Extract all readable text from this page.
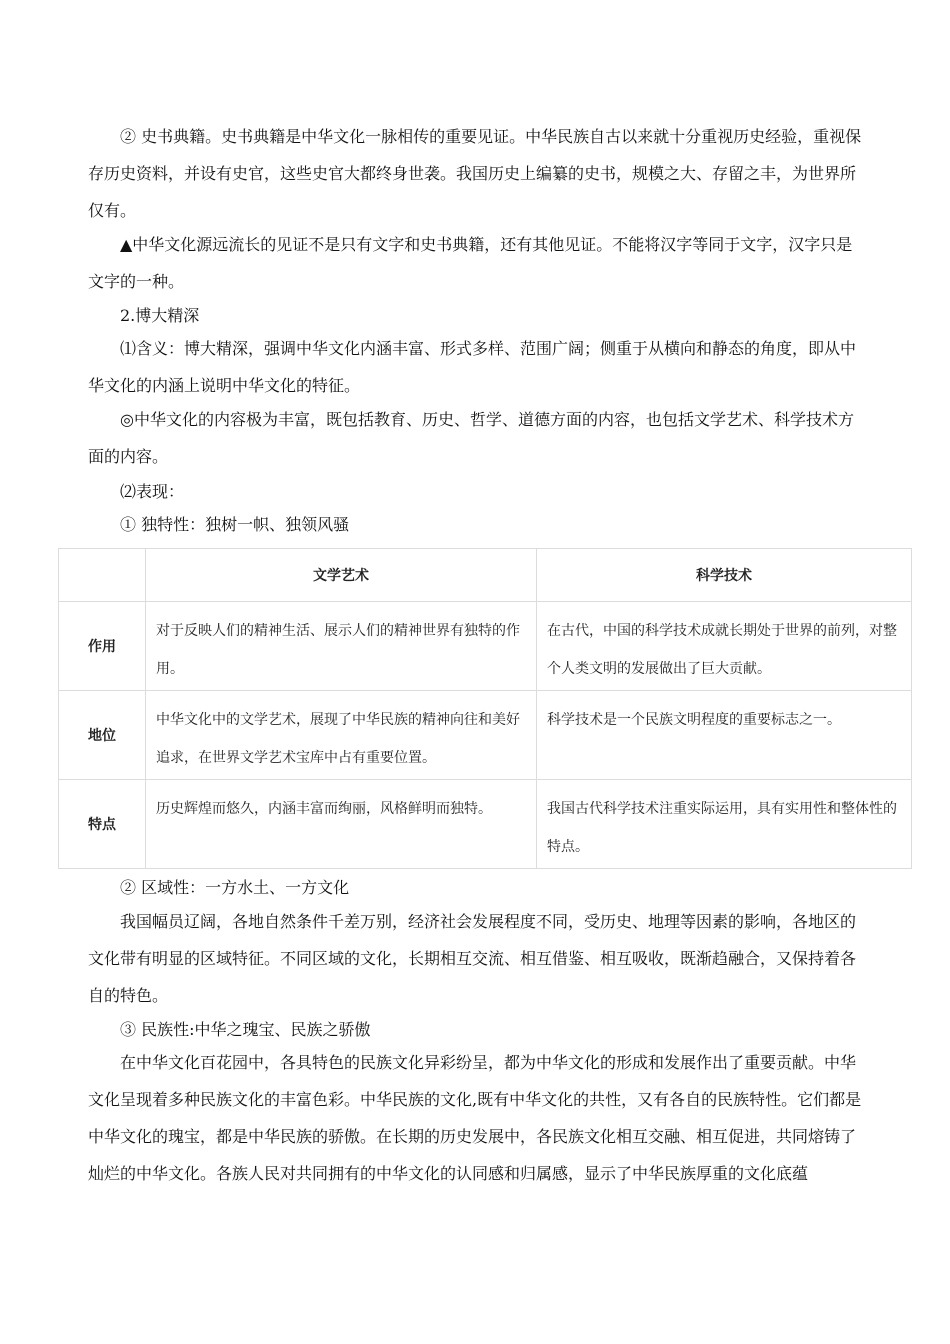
② 史书典籍。史书典籍是中华文化一脉相传的重要见证。中华民族自古以来就十分重视历史经验，重视保存历史资料，并设有史官，这些史官大都终身世袭。我国历史上编纂的史书，规模之大、存留之丰，为世界所仅有。

▲中华文化源远流长的见证不是只有文字和史书典籍，还有其他见证。不能将汉字等同于文字，汉字只是文字的一种。

2.博大精深

⑴含义：博大精深，强调中华文化内涵丰富、形式多样、范围广阔；侧重于从横向和静态的角度，即从中华文化的内涵上说明中华文化的特征。

◎中华文化的内容极为丰富，既包括教育、历史、哲学、道德方面的内容，也包括文学艺术、科学技术方面的内容。

⑵表现：

① 独特性：独树一帜、独领风骚

	文学艺术	科学技术
作用	对于反映人们的精神生活、展示人们的精神世界有独特的作用。	在古代，中国的科学技术成就长期处于世界的前列，对整个人类文明的发展做出了巨大贡献。
地位	中华文化中的文学艺术，展现了中华民族的精神向往和美好追求，在世界文学艺术宝库中占有重要位置。	科学技术是一个民族文明程度的重要标志之一。
特点	历史辉煌而悠久，内涵丰富而绚丽，风格鲜明而独特。	我国古代科学技术注重实际运用，具有实用性和整体性的特点。

② 区域性：一方水土、一方文化

我国幅员辽阔，各地自然条件千差万别，经济社会发展程度不同，受历史、地理等因素的影响，各地区的文化带有明显的区域特征。不同区域的文化，长期相互交流、相互借鉴、相互吸收，既渐趋融合，又保持着各自的特色。

③ 民族性:中华之瑰宝、民族之骄傲

在中华文化百花园中，各具特色的民族文化异彩纷呈，都为中华文化的形成和发展作出了重要贡献。中华文化呈现着多种民族文化的丰富色彩。中华民族的文化,既有中华文化的共性，又有各自的民族特性。它们都是中华文化的瑰宝，都是中华民族的骄傲。在长期的历史发展中，各民族文化相互交融、相互促进，共同熔铸了灿烂的中华文化。各族人民对共同拥有的中华文化的认同感和归属感，显示了中华民族厚重的文化底蕴
